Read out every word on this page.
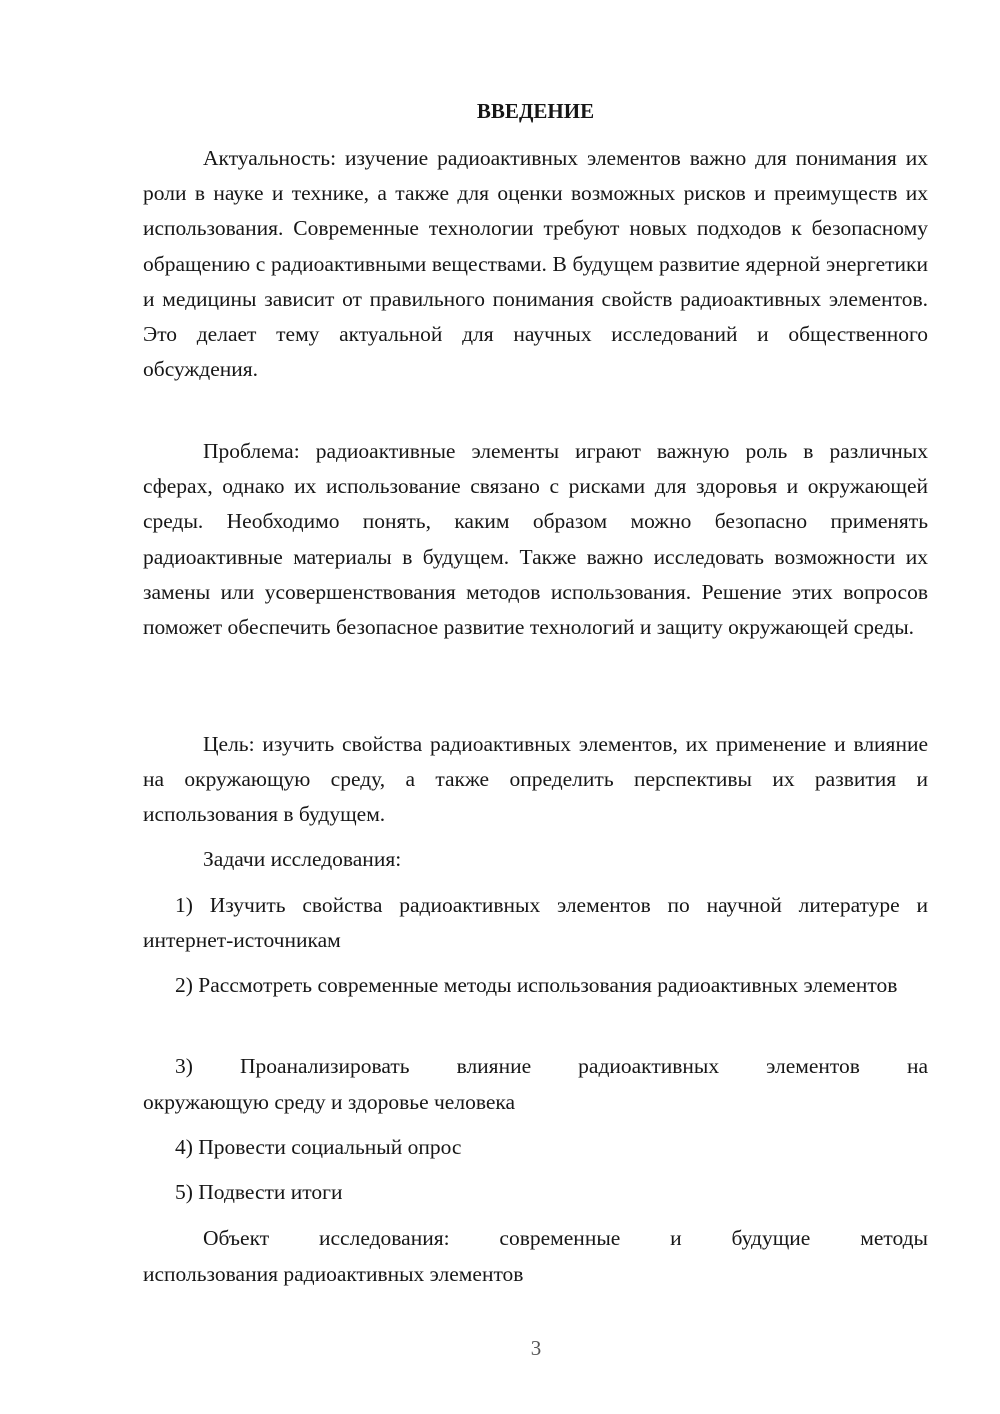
ВВЕДЕНИЕ
Актуальность: изучение радиоактивных элементов важно для понимания их роли в науке и технике, а также для оценки возможных рисков и преимуществ их использования. Современные технологии требуют новых подходов к безопасному обращению с радиоактивными веществами. В будущем развитие ядерной энергетики и медицины зависит от правильного понимания свойств радиоактивных элементов. Это делает тему актуальной для научных исследований и общественного обсуждения.
Проблема: радиоактивные элементы играют важную роль в различных сферах, однако их использование связано с рисками для здоровья и окружающей среды. Необходимо понять, каким образом можно безопасно применять радиоактивные материалы в будущем. Также важно исследовать возможности их замены или усовершенствования методов использования. Решение этих вопросов поможет обеспечить безопасное развитие технологий и защиту окружающей среды.
Цель: изучить свойства радиоактивных элементов, их применение и влияние на окружающую среду, а также определить перспективы их развития и использования в будущем.
Задачи исследования:
1) Изучить свойства радиоактивных элементов по научной литературе и интернет-источникам
2) Рассмотреть современные методы использования радиоактивных элементов
3) Проанализировать влияние радиоактивных элементов на
окружающую среду и здоровье человека
4) Провести социальный опрос
5) Подвести итоги
Объект исследования: современные и будущие методы
использования радиоактивных элементов
3
